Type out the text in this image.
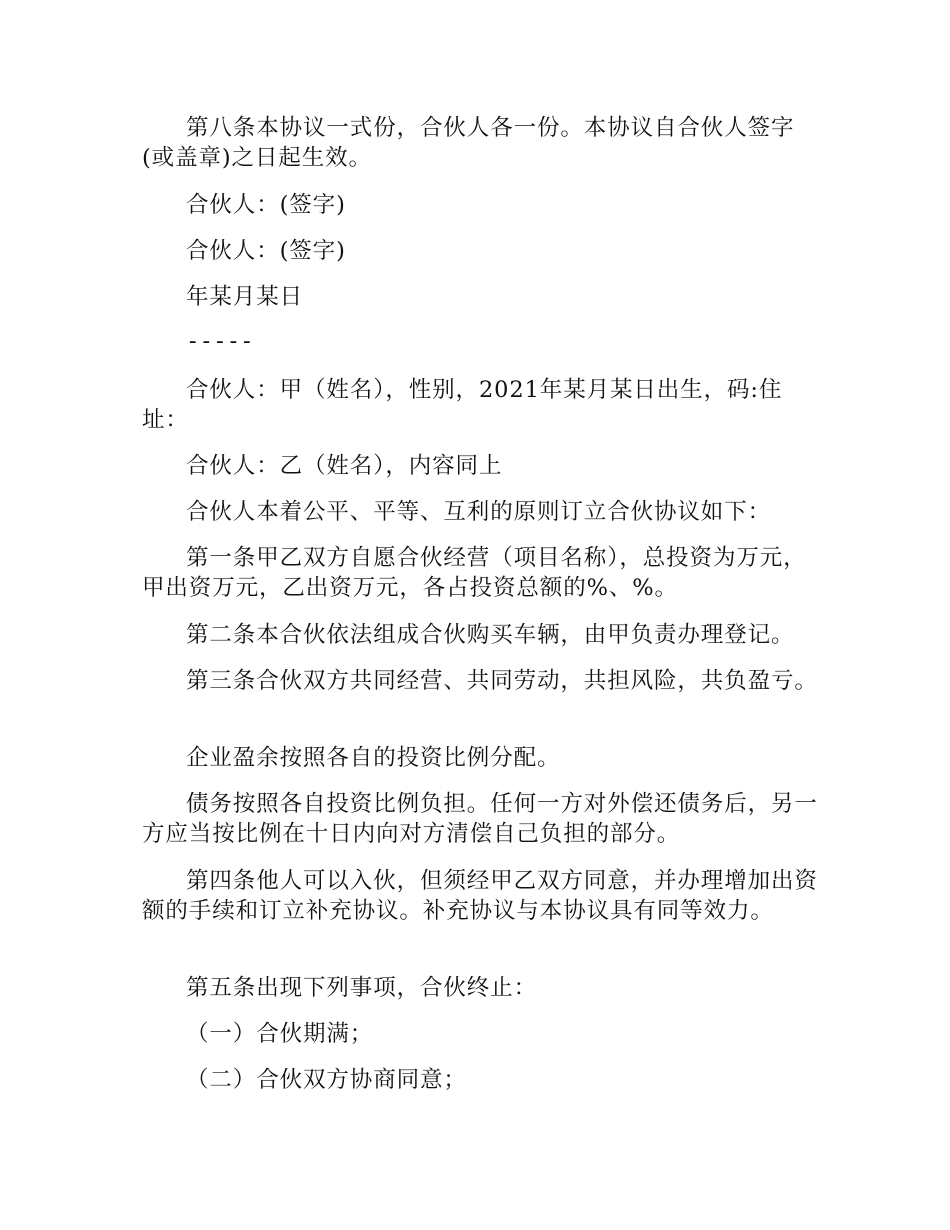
第八条本协议一式份，合伙人各一份。本协议自合伙人签字(或盖章)之日起生效。

合伙人：(签字)

合伙人：(签字)

年某月某日

-----

合伙人：甲（姓名），性别，2021年某月某日出生，码:住址：

合伙人：乙（姓名），内容同上

合伙人本着公平、平等、互利的原则订立合伙协议如下：

第一条甲乙双方自愿合伙经营（项目名称），总投资为万元，甲出资万元，乙出资万元，各占投资总额的%、%。

第二条本合伙依法组成合伙购买车辆，由甲负责办理登记。

第三条合伙双方共同经营、共同劳动，共担风险，共负盈亏。

企业盈余按照各自的投资比例分配。

债务按照各自投资比例负担。任何一方对外偿还债务后，另一方应当按比例在十日内向对方清偿自己负担的部分。

第四条他人可以入伙，但须经甲乙双方同意，并办理增加出资额的手续和订立补充协议。补充协议与本协议具有同等效力。

第五条出现下列事项，合伙终止：

（一）合伙期满；

（二）合伙双方协商同意；
